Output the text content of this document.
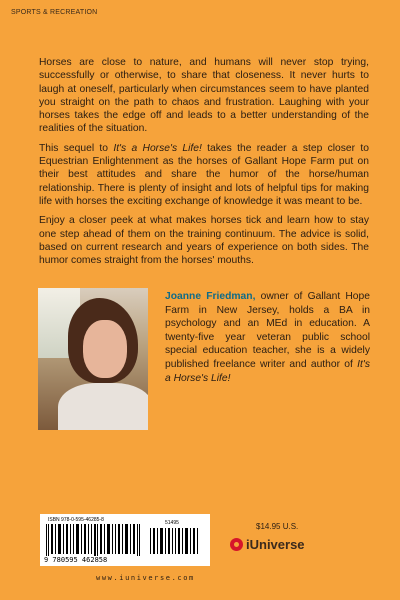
SPORTS & RECREATION

Horses are close to nature, and humans will never stop trying, successfully or otherwise, to share that closeness. It never hurts to laugh at oneself, particularly when circumstances seem to have planted you straight on the path to chaos and frustration. Laughing with your horses takes the edge off and leads to a better understanding of the realities of the situation.

This sequel to It's a Horse's Life! takes the reader a step closer to Equestrian Enlightenment as the horses of Gallant Hope Farm put on their best attitudes and share the humor of the horse/human relationship. There is plenty of insight and lots of helpful tips for making life with horses the exciting exchange of knowledge it was meant to be.

Enjoy a closer peek at what makes horses tick and learn how to stay one step ahead of them on the training continuum. The advice is solid, based on current research and years of experience on both sides. The humor comes straight from the horses' mouths.

Joanne Friedman, owner of Gallant Hope Farm in New Jersey, holds a BA in psychology and an MEd in education. A twenty-five year veteran public school special education teacher, she is a widely published freelance writer and author of It's a Horse's Life!
ISBN 978-0-595-46285-8	51495
9 780595 462858
$14.95 U.S.
iUniverse
www.iuniverse.com
